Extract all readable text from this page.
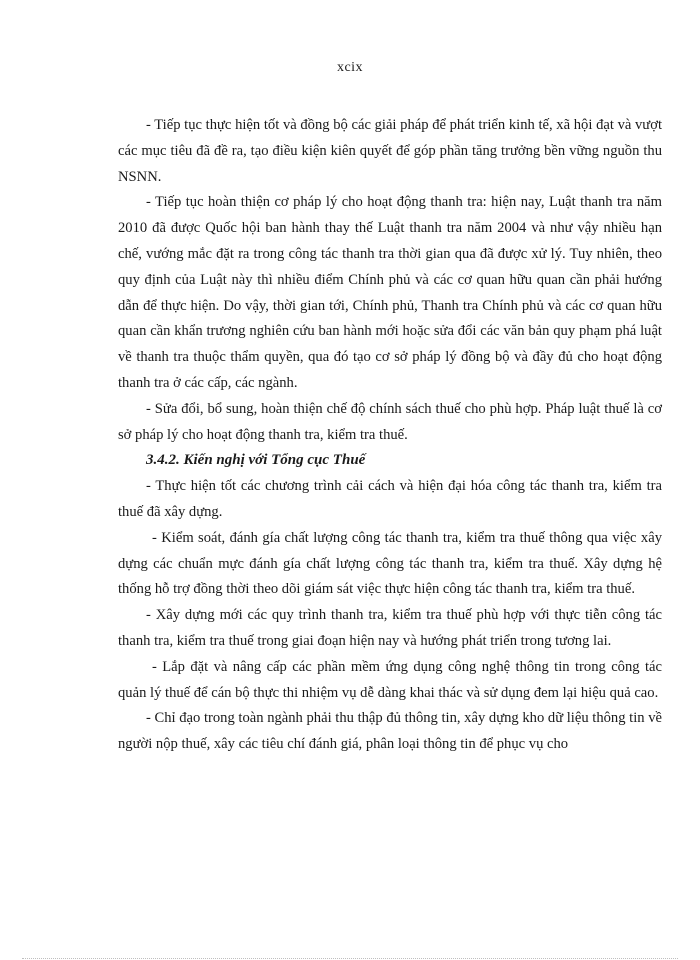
xcix

- Tiếp tục thực hiện tốt và đồng bộ các giải pháp để phát triển kinh tế, xã hội đạt và vượt các mục tiêu đã đề ra, tạo điều kiện kiên quyết để góp phần tăng trưởng bền vững nguồn thu NSNN.

- Tiếp tục hoàn thiện cơ pháp lý cho hoạt động thanh tra: hiện nay, Luật thanh tra năm 2010 đã được Quốc hội ban hành thay thế Luật thanh tra năm 2004 và như vậy nhiều hạn chế, vướng mắc đặt ra trong công tác thanh tra thời gian qua đã được xử lý. Tuy nhiên, theo quy định của Luật này thì nhiều điểm Chính phủ và các cơ quan hữu quan cần phải hướng dẫn để thực hiện. Do vậy, thời gian tới, Chính phủ, Thanh tra Chính phủ và các cơ quan hữu quan cần khẩn trương nghiên cứu ban hành mới hoặc sửa đổi các văn bản quy phạm phá luật về thanh tra thuộc thẩm quyền, qua đó tạo cơ sở pháp lý đồng bộ và đầy đủ cho hoạt động thanh tra ở các cấp, các ngành.

- Sửa đổi, bổ sung, hoàn thiện chế độ chính sách thuế cho phù hợp. Pháp luật thuế là cơ sở pháp lý cho hoạt động thanh tra, kiểm tra thuế.

3.4.2. Kiến nghị với Tổng cục Thuế

- Thực hiện tốt các chương trình cải cách và hiện đại hóa công tác thanh tra, kiểm tra thuế đã xây dựng.

- Kiểm soát, đánh gía chất lượng công tác thanh tra, kiểm tra thuế thông qua việc xây dựng các chuẩn mực đánh gía chất lượng công tác thanh tra, kiểm tra thuế. Xây dựng hệ thống hỗ trợ đồng thời theo dõi giám sát việc thực hiện công tác thanh tra, kiểm tra thuế.

- Xây dựng mới các quy trình thanh tra, kiểm tra thuế phù hợp với thực tiễn công tác thanh tra, kiểm tra thuế trong giai đoạn hiện nay và hướng phát triển trong tương lai.

- Lắp đặt và nâng cấp các phần mềm ứng dụng công nghệ thông tin trong công tác quản lý thuế để cán bộ thực thi nhiệm vụ dễ dàng khai thác và sử dụng đem lại hiệu quả cao.

- Chỉ đạo trong toàn ngành phải thu thập đủ thông tin, xây dựng kho dữ liệu thông tin về người nộp thuế, xây các tiêu chí đánh giá, phân loại thông tin để phục vụ cho
